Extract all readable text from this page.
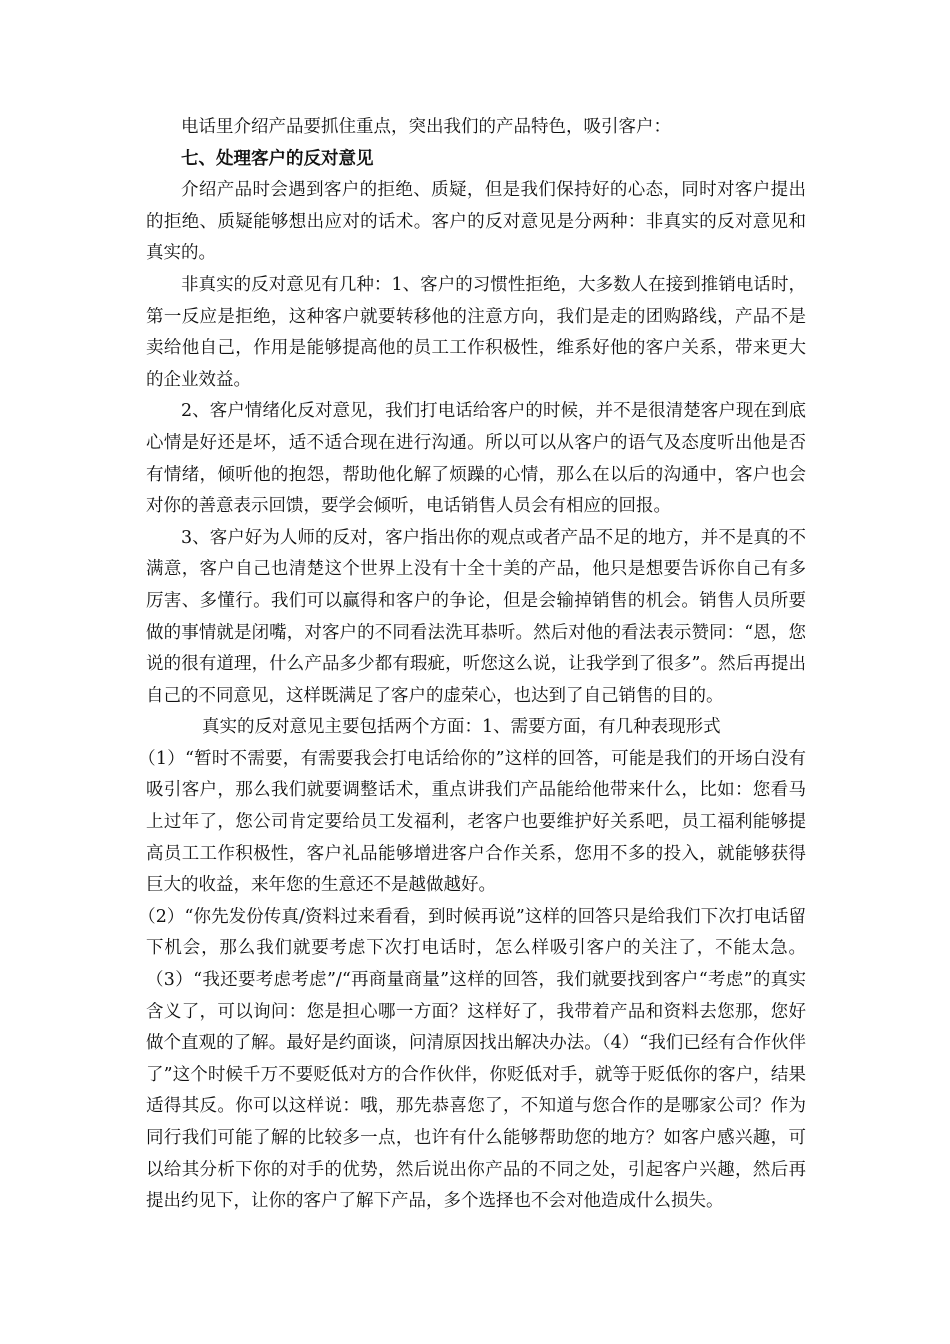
电话里介绍产品要抓住重点，突出我们的产品特色，吸引客户：

七、处理客户的反对意见

介绍产品时会遇到客户的拒绝、质疑，但是我们保持好的心态，同时对客户提出的拒绝、质疑能够想出应对的话术。客户的反对意见是分两种：非真实的反对意见和真实的。

非真实的反对意见有几种：1、客户的习惯性拒绝，大多数人在接到推销电话时，第一反应是拒绝，这种客户就要转移他的注意方向，我们是走的团购路线，产品不是卖给他自己，作用是能够提高他的员工工作积极性，维系好他的客户关系，带来更大的企业效益。

2、客户情绪化反对意见，我们打电话给客户的时候，并不是很清楚客户现在到底心情是好还是坏，适不适合现在进行沟通。所以可以从客户的语气及态度听出他是否有情绪，倾听他的抱怨，帮助他化解了烦躁的心情，那么在以后的沟通中，客户也会对你的善意表示回馈，要学会倾听，电话销售人员会有相应的回报。

3、客户好为人师的反对，客户指出你的观点或者产品不足的地方，并不是真的不满意，客户自己也清楚这个世界上没有十全十美的产品，他只是想要告诉你自己有多厉害、多懂行。我们可以赢得和客户的争论，但是会输掉销售的机会。销售人员所要做的事情就是闭嘴，对客户的不同看法洗耳恭听。然后对他的看法表示赞同：“恩，您说的很有道理，什么产品多少都有瑕疵，听您这么说，让我学到了很多”。然后再提出自己的不同意见，这样既满足了客户的虚荣心，也达到了自己销售的目的。

真实的反对意见主要包括两个方面：1、需要方面，有几种表现形式

（1）“暂时不需要，有需要我会打电话给你的”这样的回答，可能是我们的开场白没有吸引客户，那么我们就要调整话术，重点讲我们产品能给他带来什么，比如：您看马上过年了，您公司肯定要给员工发福利，老客户也要维护好关系吧，员工福利能够提高员工工作积极性，客户礼品能够增进客户合作关系，您用不多的投入，就能够获得巨大的收益，来年您的生意还不是越做越好。

（2）“你先发份传真/资料过来看看，到时候再说”这样的回答只是给我们下次打电话留下机会，那么我们就要考虑下次打电话时，怎么样吸引客户的关注了，不能太急。（3）“我还要考虑考虑”/“再商量商量”这样的回答，我们就要找到客户“考虑”的真实含义了，可以询问：您是担心哪一方面？这样好了，我带着产品和资料去您那，您好做个直观的了解。最好是约面谈，问清原因找出解决办法。（4）“我们已经有合作伙伴了”这个时候千万不要贬低对方的合作伙伴，你贬低对手，就等于贬低你的客户，结果适得其反。你可以这样说：哦，那先恭喜您了，不知道与您合作的是哪家公司？作为同行我们可能了解的比较多一点，也许有什么能够帮助您的地方？如客户感兴趣，可以给其分析下你的对手的优势，然后说出你产品的不同之处，引起客户兴趣，然后再提出约见下，让你的客户了解下产品，多个选择也不会对他造成什么损失。
